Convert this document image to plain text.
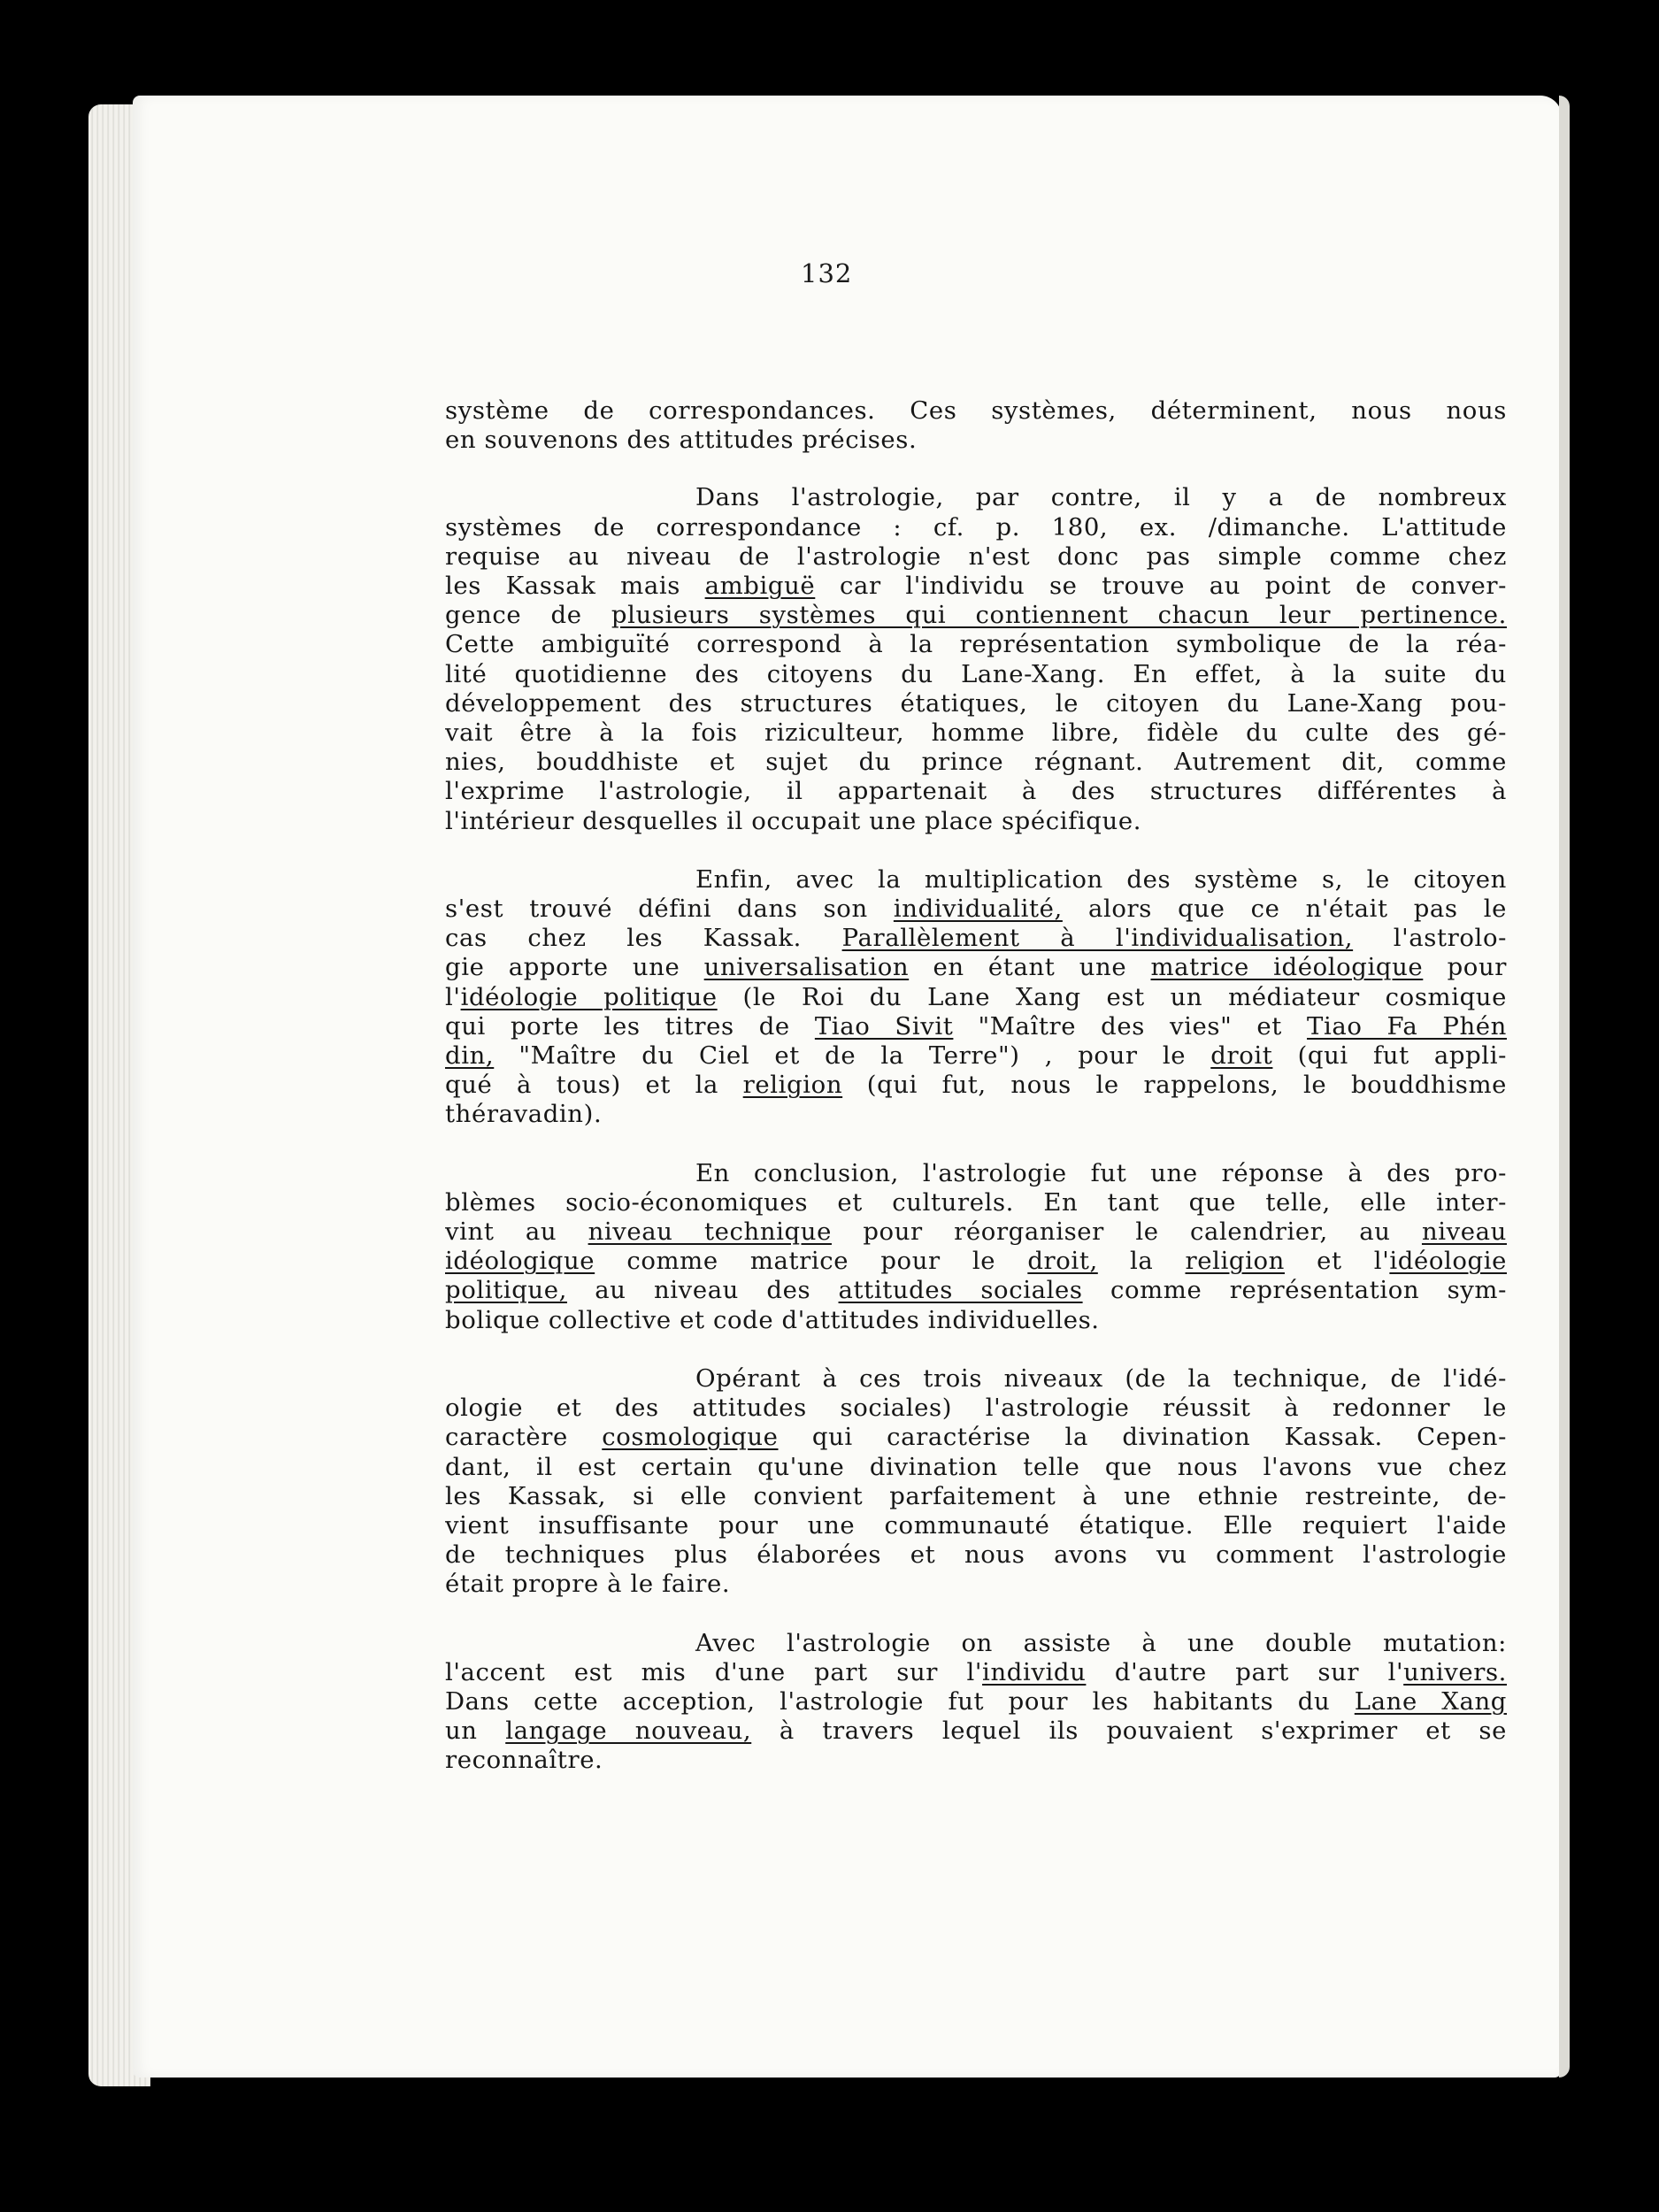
132
système de correspondances. Ces systèmes, déterminent, nous nous
en souvenons des attitudes précises.
Dans l'astrologie, par contre, il y a de nombreux
systèmes de correspondance : cf. p. 180, ex. /dimanche. L'attitude
requise au niveau de l'astrologie n'est donc pas simple comme chez
les Kassak mais ambiguë car l'individu se trouve au point de conver-
gence de plusieurs systèmes qui contiennent chacun leur pertinence.
Cette ambiguïté correspond à la représentation symbolique de la réa-
lité quotidienne des citoyens du Lane-Xang. En effet, à la suite du
développement des structures étatiques, le citoyen du Lane-Xang pou-
vait être à la fois riziculteur, homme libre, fidèle du culte des gé-
nies, bouddhiste et sujet du prince régnant. Autrement dit, comme
l'exprime l'astrologie, il appartenait à des structures différentes à
l'intérieur desquelles il occupait une place spécifique.
Enfin, avec la multiplication des système s, le citoyen
s'est trouvé défini dans son individualité, alors que ce n'était pas le
cas chez les Kassak. Parallèlement à l'individualisation, l'astrolo-
gie apporte une universalisation en étant une matrice idéologique pour
l'idéologie politique (le Roi du Lane Xang est un médiateur cosmique
qui porte les titres de Tiao Sivit "Maître des vies" et Tiao Fa Phén
din, "Maître du Ciel et de la Terre") , pour le droit (qui fut appli-
qué à tous) et la religion (qui fut, nous le rappelons, le bouddhisme
théravadin).
En conclusion, l'astrologie fut une réponse à des pro-
blèmes socio-économiques et culturels. En tant que telle, elle inter-
vint au niveau technique pour réorganiser le calendrier, au niveau
idéologique comme matrice pour le droit, la religion et l'idéologie
politique, au niveau des attitudes sociales comme représentation sym-
bolique collective et code d'attitudes individuelles.
Opérant à ces trois niveaux (de la technique, de l'idé-
ologie et des attitudes sociales) l'astrologie réussit à redonner le
caractère cosmologique qui caractérise la divination Kassak. Cepen-
dant, il est certain qu'une divination telle que nous l'avons vue chez
les Kassak, si elle convient parfaitement à une ethnie restreinte, de-
vient insuffisante pour une communauté étatique. Elle requiert l'aide
de techniques plus élaborées et nous avons vu comment l'astrologie
était propre à le faire.
Avec l'astrologie on assiste à une double mutation:
l'accent est mis d'une part sur l'individu d'autre part sur l'univers.
Dans cette acception, l'astrologie fut pour les habitants du Lane Xang
un langage nouveau, à travers lequel ils pouvaient s'exprimer et se
reconnaître.
